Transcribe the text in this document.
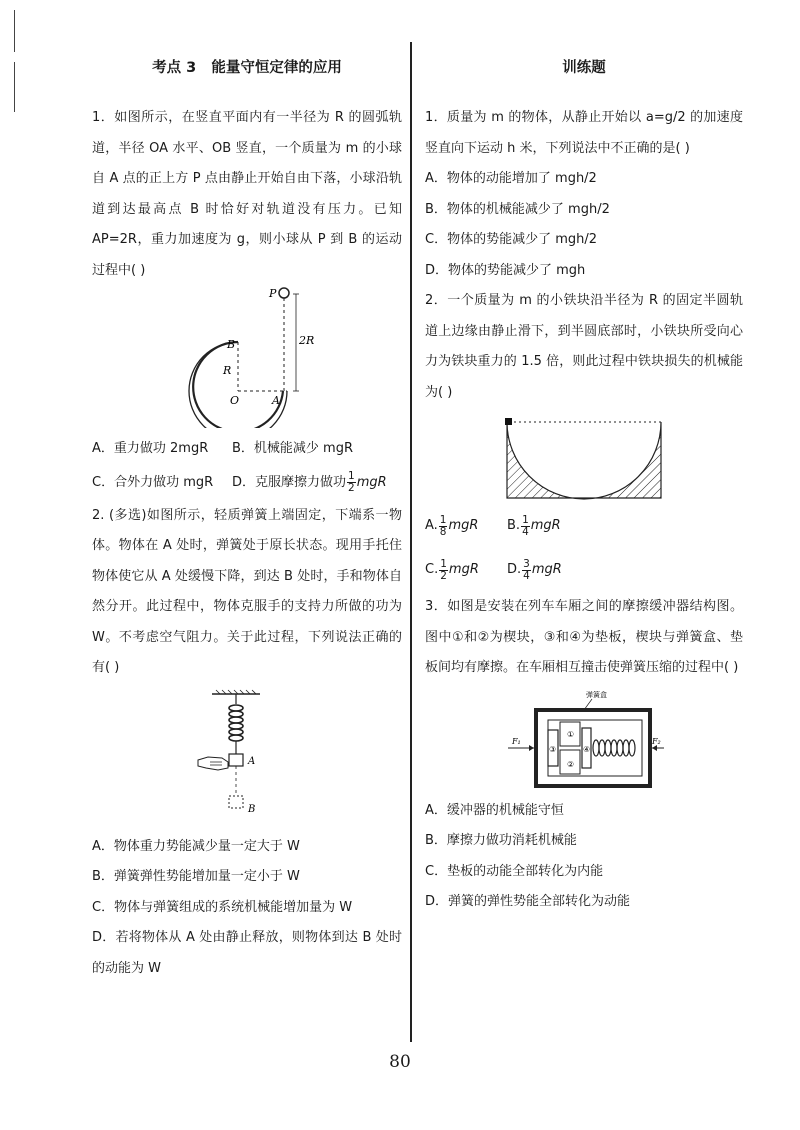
考点 3   能量守恒定律的应用

1．如图所示，在竖直平面内有一半径为 R 的圆弧轨道，半径 OA 水平、OB 竖直，一个质量为 m 的小球自 A 点的正上方 P 点由静止开始自由下落，小球沿轨道到达最高点 B 时恰好对轨道没有压力。已知 AP=2R，重力加速度为 g，则小球从 P 到 B 的运动过程中( )

2R
P
B
R
O	A
A．重力做功 2mgR	B．机械能减少 mgR
C．合外力做功 mgR	D．克服摩擦力做功 $\frac{1}{2}$ mgR

2. (多选)如图所示，轻质弹簧上端固定，下端系一物体。物体在 A 处时，弹簧处于原长状态。现用手托住物体使它从 A 处缓慢下降，到达 B 处时，手和物体自然分开。此过程中，物体克服手的支持力所做的功为 W。不考虑空气阻力。关于此过程，下列说法正确的有( )

A
B

A．物体重力势能减少量一定大于 W

B．弹簧弹性势能增加量一定小于 W

C．物体与弹簧组成的系统机械能增加量为 W

D．若将物体从 A 处由静止释放，则物体到达 B 处时的动能为 W

训练题

1．质量为 m 的物体，从静止开始以 a=g/2 的加速度竖直向下运动 h 米，下列说法中不正确的是( )

A．物体的动能增加了 mgh/2

B．物体的机械能减少了 mgh/2

C．物体的势能减少了 mgh/2

D．物体的势能减少了 mgh

2．一个质量为 m 的小铁块沿半径为 R 的固定半圆轨道上边缘由静止滑下，到半圆底部时，小铁块所受向心力为铁块重力的 1.5 倍，则此过程中铁块损失的机械能为( )

A. $\frac{1}{8}$ mgR B. $\frac{1}{4}$ mgR
C. $\frac{1}{2}$ mgR D. $\frac{3}{4}$ mgR

3．如图是安装在列车车厢之间的摩擦缓冲器结构图。图中①和②为楔块，③和④为垫板，楔块与弹簧盒、垫板间均有摩擦。在车厢相互撞击使弹簧压缩的过程中( )

弹簧盒
①
②
③	④
F₁	F₂

A．缓冲器的机械能守恒

B．摩擦力做功消耗机械能

C．垫板的动能全部转化为内能

D．弹簧的弹性势能全部转化为动能

80
